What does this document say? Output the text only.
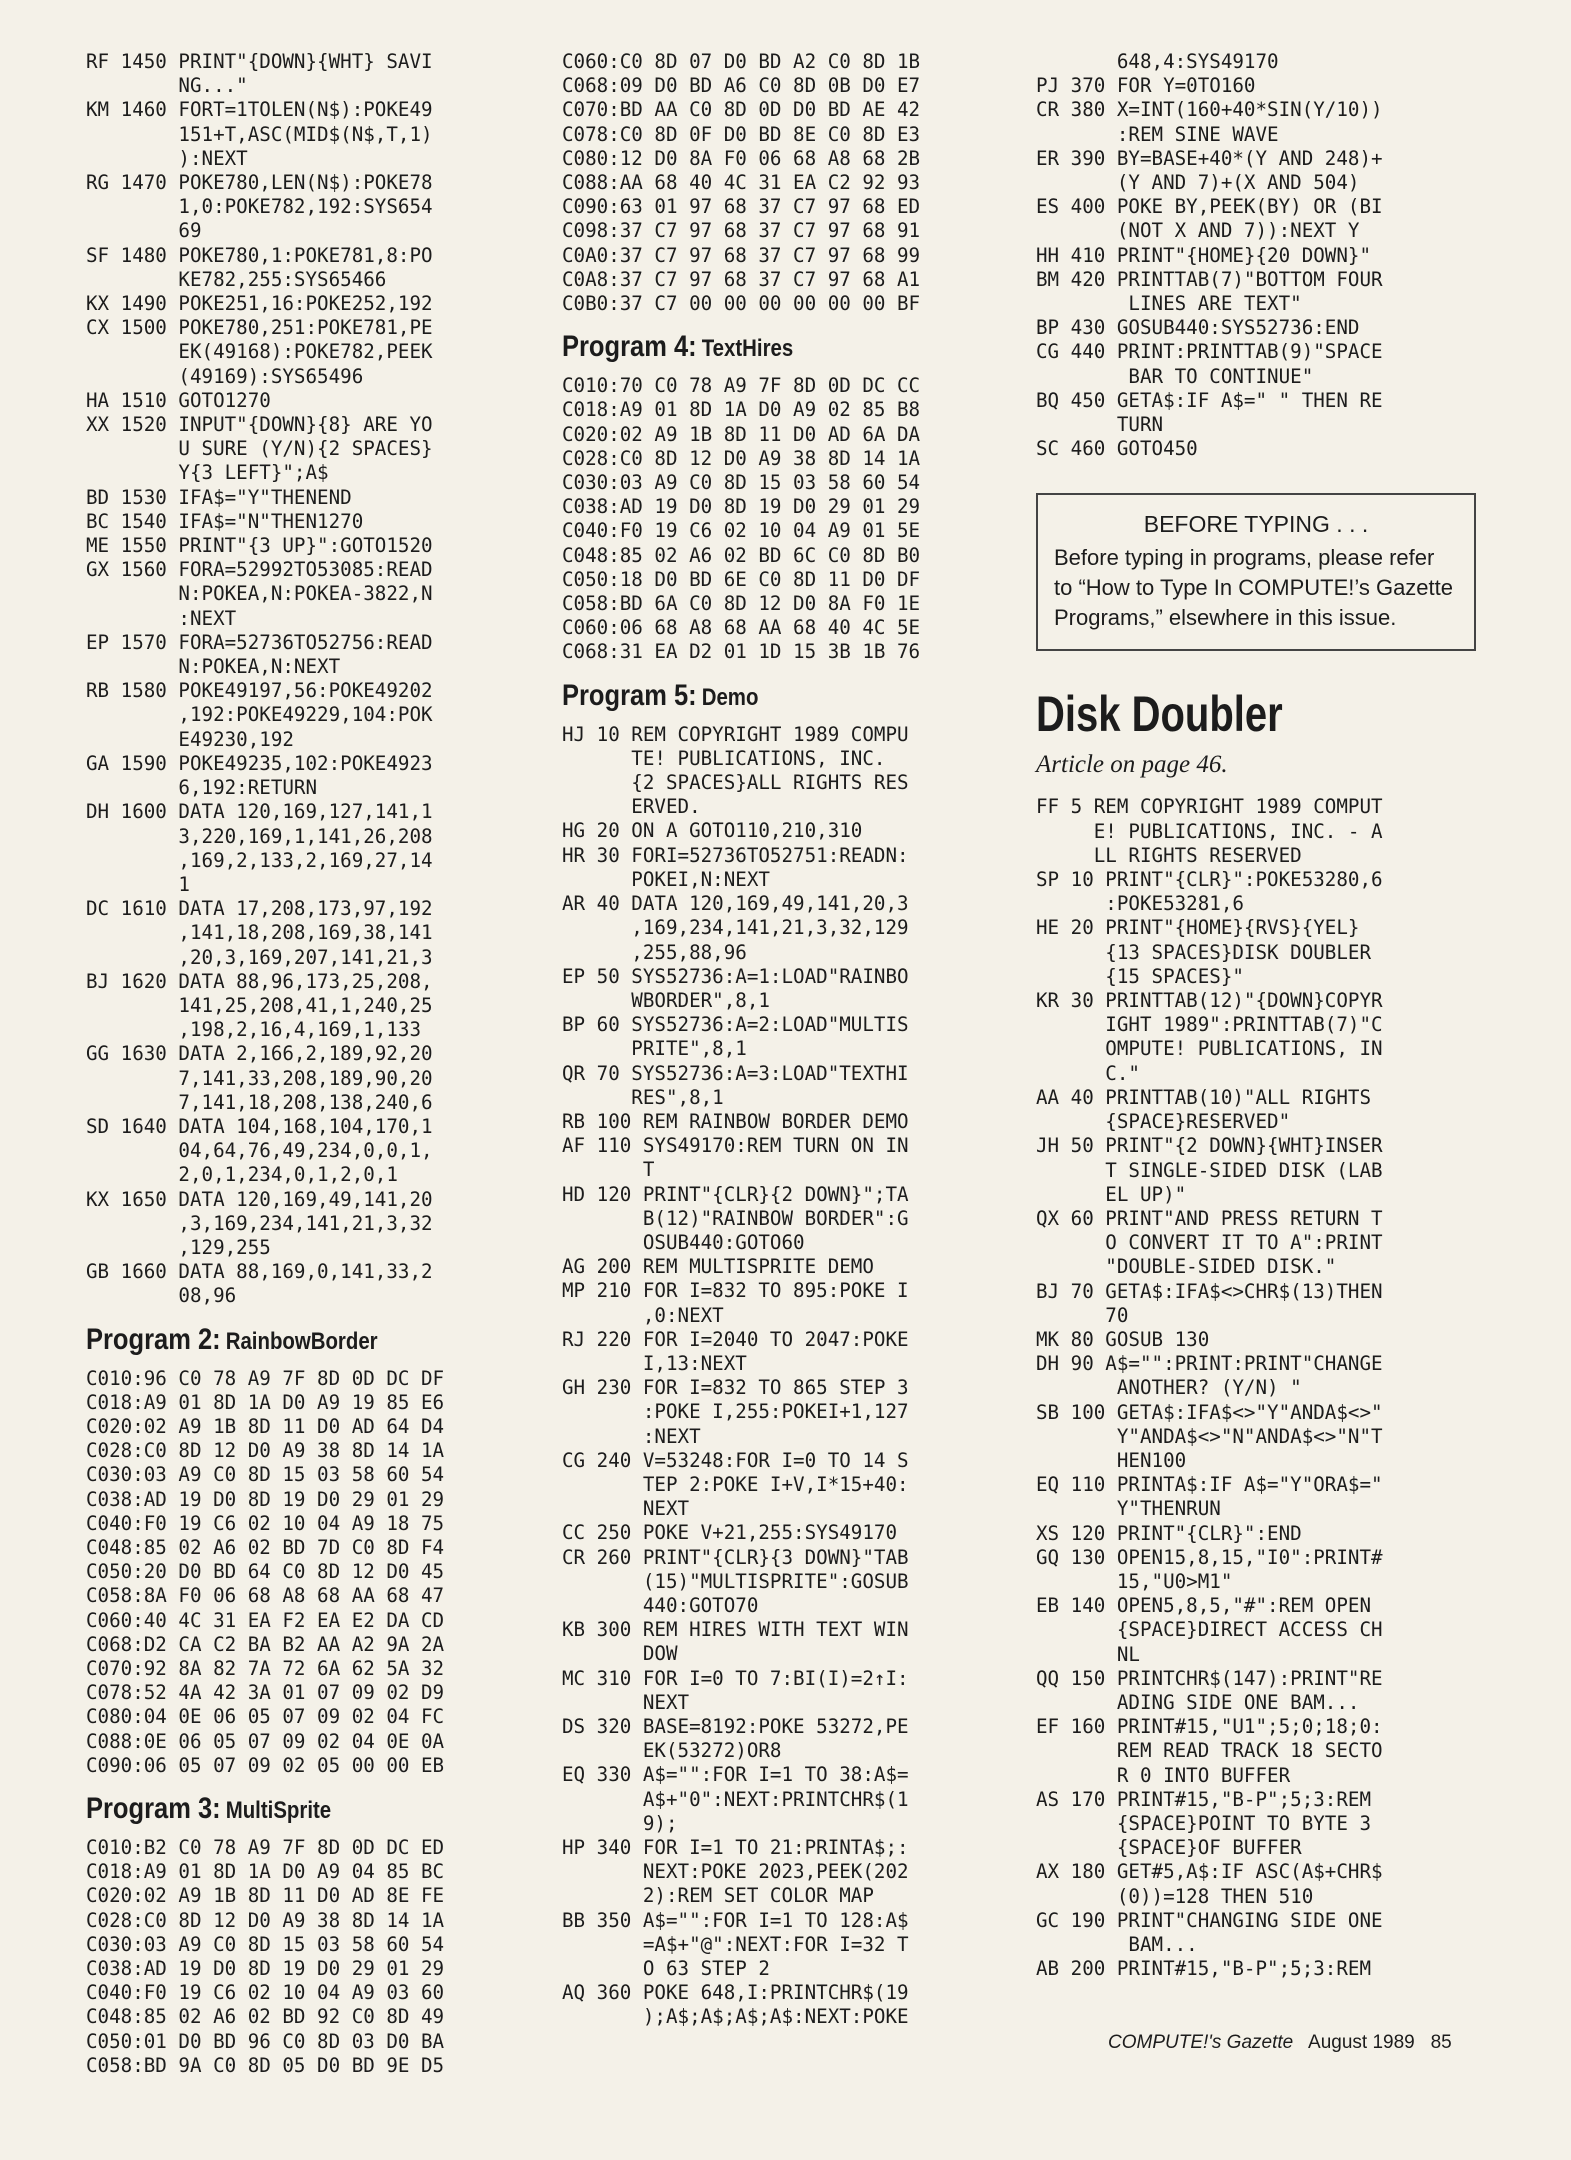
RF 1450 PRINT"{DOWN}{WHT} SAVI
NG..."
KM 1460 FORT=1TOLEN(N$):POKE49
151+T,ASC(MID$(N$,T,1)
):NEXT
RG 1470 POKE780,LEN(N$):POKE78
1,0:POKE782,192:SYS654
69
SF 1480 POKE780,1:POKE781,8:PO
KE782,255:SYS65466
KX 1490 POKE251,16:POKE252,192
CX 1500 POKE780,251:POKE781,PE
EK(49168):POKE782,PEEK
(49169):SYS65496
HA 1510 GOTO1270
XX 1520 INPUT"{DOWN}{8} ARE YO
U SURE (Y/N){2 SPACES}
Y{3 LEFT}";A$
BD 1530 IFA$="Y"THENEND
BC 1540 IFA$="N"THEN1270
ME 1550 PRINT"{3 UP}":GOTO1520
GX 1560 FORA=52992TO53085:READ
N:POKEA,N:POKEA-3822,N
:NEXT
EP 1570 FORA=52736TO52756:READ
N:POKEA,N:NEXT
RB 1580 POKE49197,56:POKE49202
,192:POKE49229,104:POK
E49230,192
GA 1590 POKE49235,102:POKE4923
6,192:RETURN
DH 1600 DATA 120,169,127,141,1
3,220,169,1,141,26,208
,169,2,133,2,169,27,14
1
DC 1610 DATA 17,208,173,97,192
,141,18,208,169,38,141
,20,3,169,207,141,21,3
BJ 1620 DATA 88,96,173,25,208,
141,25,208,41,1,240,25
,198,2,16,4,169,1,133
GG 1630 DATA 2,166,2,189,92,20
7,141,33,208,189,90,20
7,141,18,208,138,240,6
SD 1640 DATA 104,168,104,170,1
04,64,76,49,234,0,0,1,
2,0,1,234,0,1,2,0,1
KX 1650 DATA 120,169,49,141,20
,3,169,234,141,21,3,32
,129,255
GB 1660 DATA 88,169,0,141,33,2
08,96
Program 2: RainbowBorder
C010:96 C0 78 A9 7F 8D 0D DC DF
C018:A9 01 8D 1A D0 A9 19 85 E6
C020:02 A9 1B 8D 11 D0 AD 64 D4
C028:C0 8D 12 D0 A9 38 8D 14 1A
C030:03 A9 C0 8D 15 03 58 60 54
C038:AD 19 D0 8D 19 D0 29 01 29
C040:F0 19 C6 02 10 04 A9 18 75
C048:85 02 A6 02 BD 7D C0 8D F4
C050:20 D0 BD 64 C0 8D 12 D0 45
C058:8A F0 06 68 A8 68 AA 68 47
C060:40 4C 31 EA F2 EA E2 DA CD
C068:D2 CA C2 BA B2 AA A2 9A 2A
C070:92 8A 82 7A 72 6A 62 5A 32
C078:52 4A 42 3A 01 07 09 02 D9
C080:04 0E 06 05 07 09 02 04 FC
C088:0E 06 05 07 09 02 04 0E 0A
C090:06 05 07 09 02 05 00 00 EB
Program 3: MultiSprite
C010:B2 C0 78 A9 7F 8D 0D DC ED
C018:A9 01 8D 1A D0 A9 04 85 BC
C020:02 A9 1B 8D 11 D0 AD 8E FE
C028:C0 8D 12 D0 A9 38 8D 14 1A
C030:03 A9 C0 8D 15 03 58 60 54
C038:AD 19 D0 8D 19 D0 29 01 29
C040:F0 19 C6 02 10 04 A9 03 60
C048:85 02 A6 02 BD 92 C0 8D 49
C050:01 D0 BD 96 C0 8D 03 D0 BA
C058:BD 9A C0 8D 05 D0 BD 9E D5
C060:C0 8D 07 D0 BD A2 C0 8D 1B
C068:09 D0 BD A6 C0 8D 0B D0 E7
C070:BD AA C0 8D 0D D0 BD AE 42
C078:C0 8D 0F D0 BD 8E C0 8D E3
C080:12 D0 8A F0 06 68 A8 68 2B
C088:AA 68 40 4C 31 EA C2 92 93
C090:63 01 97 68 37 C7 97 68 ED
C098:37 C7 97 68 37 C7 97 68 91
C0A0:37 C7 97 68 37 C7 97 68 99
C0A8:37 C7 97 68 37 C7 97 68 A1
C0B0:37 C7 00 00 00 00 00 00 BF
Program 4: TextHires
C010:70 C0 78 A9 7F 8D 0D DC CC
C018:A9 01 8D 1A D0 A9 02 85 B8
C020:02 A9 1B 8D 11 D0 AD 6A DA
C028:C0 8D 12 D0 A9 38 8D 14 1A
C030:03 A9 C0 8D 15 03 58 60 54
C038:AD 19 D0 8D 19 D0 29 01 29
C040:F0 19 C6 02 10 04 A9 01 5E
C048:85 02 A6 02 BD 6C C0 8D B0
C050:18 D0 BD 6E C0 8D 11 D0 DF
C058:BD 6A C0 8D 12 D0 8A F0 1E
C060:06 68 A8 68 AA 68 40 4C 5E
C068:31 EA D2 01 1D 15 3B 1B 76
Program 5: Demo
HJ 10 REM COPYRIGHT 1989 COMPU
TE! PUBLICATIONS, INC.
{2 SPACES}ALL RIGHTS RES
ERVED.
HG 20 ON A GOTO110,210,310
HR 30 FORI=52736TO52751:READN:
POKEI,N:NEXT
AR 40 DATA 120,169,49,141,20,3
,169,234,141,21,3,32,129
,255,88,96
EP 50 SYS52736:A=1:LOAD"RAINBO
WBORDER",8,1
BP 60 SYS52736:A=2:LOAD"MULTIS
PRITE",8,1
QR 70 SYS52736:A=3:LOAD"TEXTHI
RES",8,1
RB 100 REM RAINBOW BORDER DEMO
AF 110 SYS49170:REM TURN ON IN
T
HD 120 PRINT"{CLR}{2 DOWN}";TA
B(12)"RAINBOW BORDER":G
OSUB440:GOTO60
AG 200 REM MULTISPRITE DEMO
MP 210 FOR I=832 TO 895:POKE I
,0:NEXT
RJ 220 FOR I=2040 TO 2047:POKE
I,13:NEXT
GH 230 FOR I=832 TO 865 STEP 3
:POKE I,255:POKEI+1,127
:NEXT
CG 240 V=53248:FOR I=0 TO 14 S
TEP 2:POKE I+V,I*15+40:
NEXT
CC 250 POKE V+21,255:SYS49170
CR 260 PRINT"{CLR}{3 DOWN}"TAB
(15)"MULTISPRITE":GOSUB
440:GOTO70
KB 300 REM HIRES WITH TEXT WIN
DOW
MC 310 FOR I=0 TO 7:BI(I)=2↑I:
NEXT
DS 320 BASE=8192:POKE 53272,PE
EK(53272)OR8
EQ 330 A$="":FOR I=1 TO 38:A$=
A$+"0":NEXT:PRINTCHR$(1
9);
HP 340 FOR I=1 TO 21:PRINTA$;:
NEXT:POKE 2023,PEEK(202
2):REM SET COLOR MAP
BB 350 A$="":FOR I=1 TO 128:A$
=A$+"@":NEXT:FOR I=32 T
O 63 STEP 2
AQ 360 POKE 648,I:PRINTCHR$(19
);A$;A$;A$;A$:NEXT:POKE
648,4:SYS49170
PJ 370 FOR Y=0TO160
CR 380 X=INT(160+40*SIN(Y/10))
:REM SINE WAVE
ER 390 BY=BASE+40*(Y AND 248)+
(Y AND 7)+(X AND 504)
ES 400 POKE BY,PEEK(BY) OR (BI
(NOT X AND 7)):NEXT Y
HH 410 PRINT"{HOME}{20 DOWN}"
BM 420 PRINTTAB(7)"BOTTOM FOUR
LINES ARE TEXT"
BP 430 GOSUB440:SYS52736:END
CG 440 PRINT:PRINTTAB(9)"SPACE
BAR TO CONTINUE"
BQ 450 GETA$:IF A$=" " THEN RE
TURN
SC 460 GOTO450
BEFORE TYPING . . .
Before typing in programs, please refer to “How to Type In COMPUTE!’s Gazette Programs,” elsewhere in this issue.
Disk Doubler
Article on page 46.
FF 5 REM COPYRIGHT 1989 COMPUT
E! PUBLICATIONS, INC. - A
LL RIGHTS RESERVED
SP 10 PRINT"{CLR}":POKE53280,6
:POKE53281,6
HE 20 PRINT"{HOME}{RVS}{YEL}
{13 SPACES}DISK DOUBLER
{15 SPACES}"
KR 30 PRINTTAB(12)"{DOWN}COPYR
IGHT 1989":PRINTTAB(7)"C
OMPUTE! PUBLICATIONS, IN
C."
AA 40 PRINTTAB(10)"ALL RIGHTS
{SPACE}RESERVED"
JH 50 PRINT"{2 DOWN}{WHT}INSER
T SINGLE-SIDED DISK (LAB
EL UP)"
QX 60 PRINT"AND PRESS RETURN T
O CONVERT IT TO A":PRINT
"DOUBLE-SIDED DISK."
BJ 70 GETA$:IFA$<>CHR$(13)THEN
70
MK 80 GOSUB 130
DH 90 A$="":PRINT:PRINT"CHANGE
ANOTHER? (Y/N) "
SB 100 GETA$:IFA$<>"Y"ANDA$<>"
Y"ANDA$<>"N"ANDA$<>"N"T
HEN100
EQ 110 PRINTA$:IF A$="Y"ORA$="
Y"THENRUN
XS 120 PRINT"{CLR}":END
GQ 130 OPEN15,8,15,"I0":PRINT#
15,"U0>M1"
EB 140 OPEN5,8,5,"#":REM OPEN
{SPACE}DIRECT ACCESS CH
NL
QQ 150 PRINTCHR$(147):PRINT"RE
ADING SIDE ONE BAM...
EF 160 PRINT#15,"U1";5;0;18;0:
REM READ TRACK 18 SECTO
R 0 INTO BUFFER
AS 170 PRINT#15,"B-P";5;3:REM
{SPACE}POINT TO BYTE 3
{SPACE}OF BUFFER
AX 180 GET#5,A$:IF ASC(A$+CHR$
(0))=128 THEN 510
GC 190 PRINT"CHANGING SIDE ONE
BAM...
AB 200 PRINT#15,"B-P";5;3:REM
COMPUTE!'s Gazette August 1989 85
